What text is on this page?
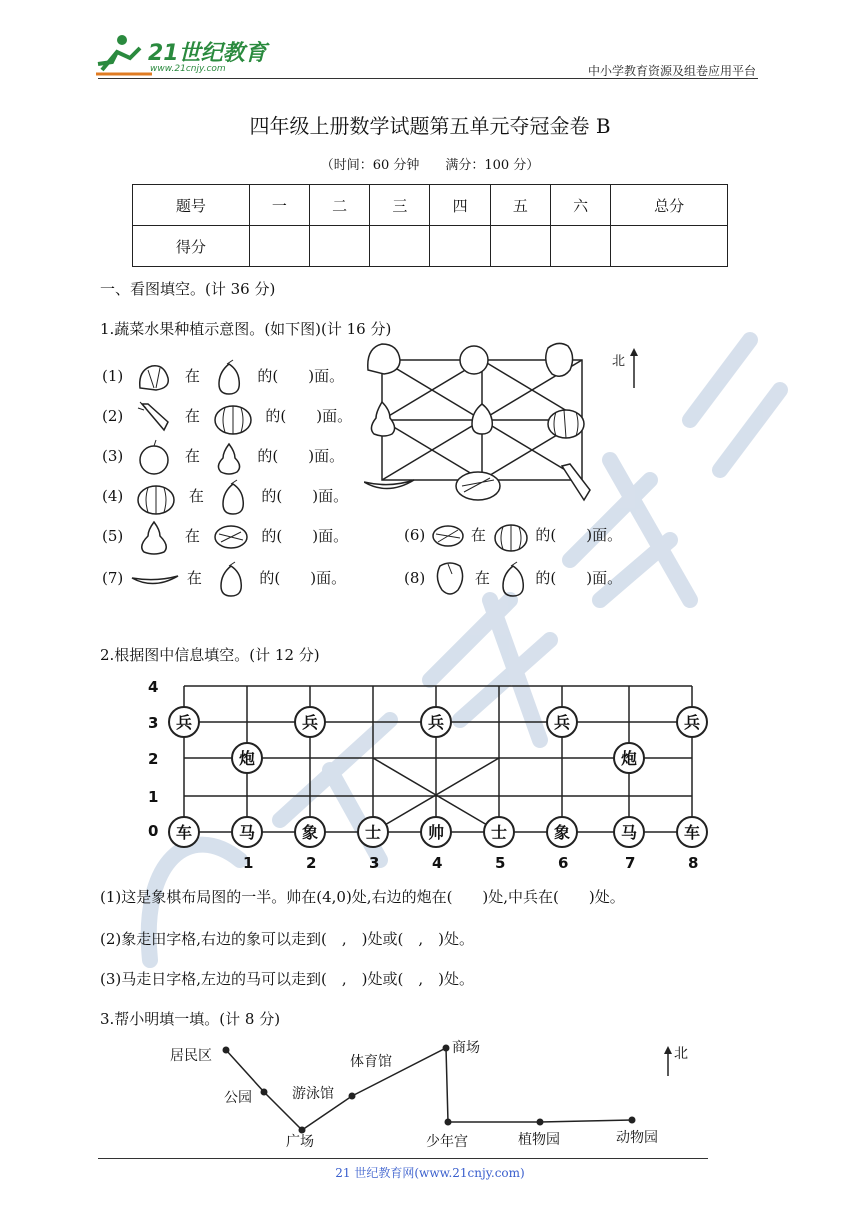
21世纪教育
www.21cnjy.com	中小学教育资源及组卷应用平台
四年级上册数学试题第五单元夺冠金卷 B
（时间：60 分钟　　满分：100 分）
题号	一	二	三	四	五	六	总分
得分							
一、看图填空。(计 36 分)
1.蔬菜水果种植示意图。(如下图)(计 16 分)
(1)	在	的(　　)面。
(2)	在	的(　　)面。
(3)	在	的(　　)面。
(4)	在	的(　　)面。
(5)	在	的(　　)面。
(7)	在	的(　　)面。
(6)	在	的(　　)面。
(8)	在	的(　　)面。
北
2.根据图中信息填空。(计 12 分)
4
3
2
1
0
1	2	3	4	5	6	7	8
兵	兵	兵	兵	兵
炮	炮
车	马	象	士	帅	士	象	马	车
(1)这是象棋布局图的一半。帅在(4,0)处,右边的炮在(　　)处,中兵在(　　)处。
(2)象走田字格,右边的象可以走到(　,　)处或(　,　)处。
(3)马走日字格,左边的马可以走到(　,　)处或(　,　)处。
3.帮小明填一填。(计 8 分)
居民区
公园
广场
游泳馆
体育馆
商场
少年宫	植物园	动物园
北
21 世纪教育网(www.21cnjy.com)
